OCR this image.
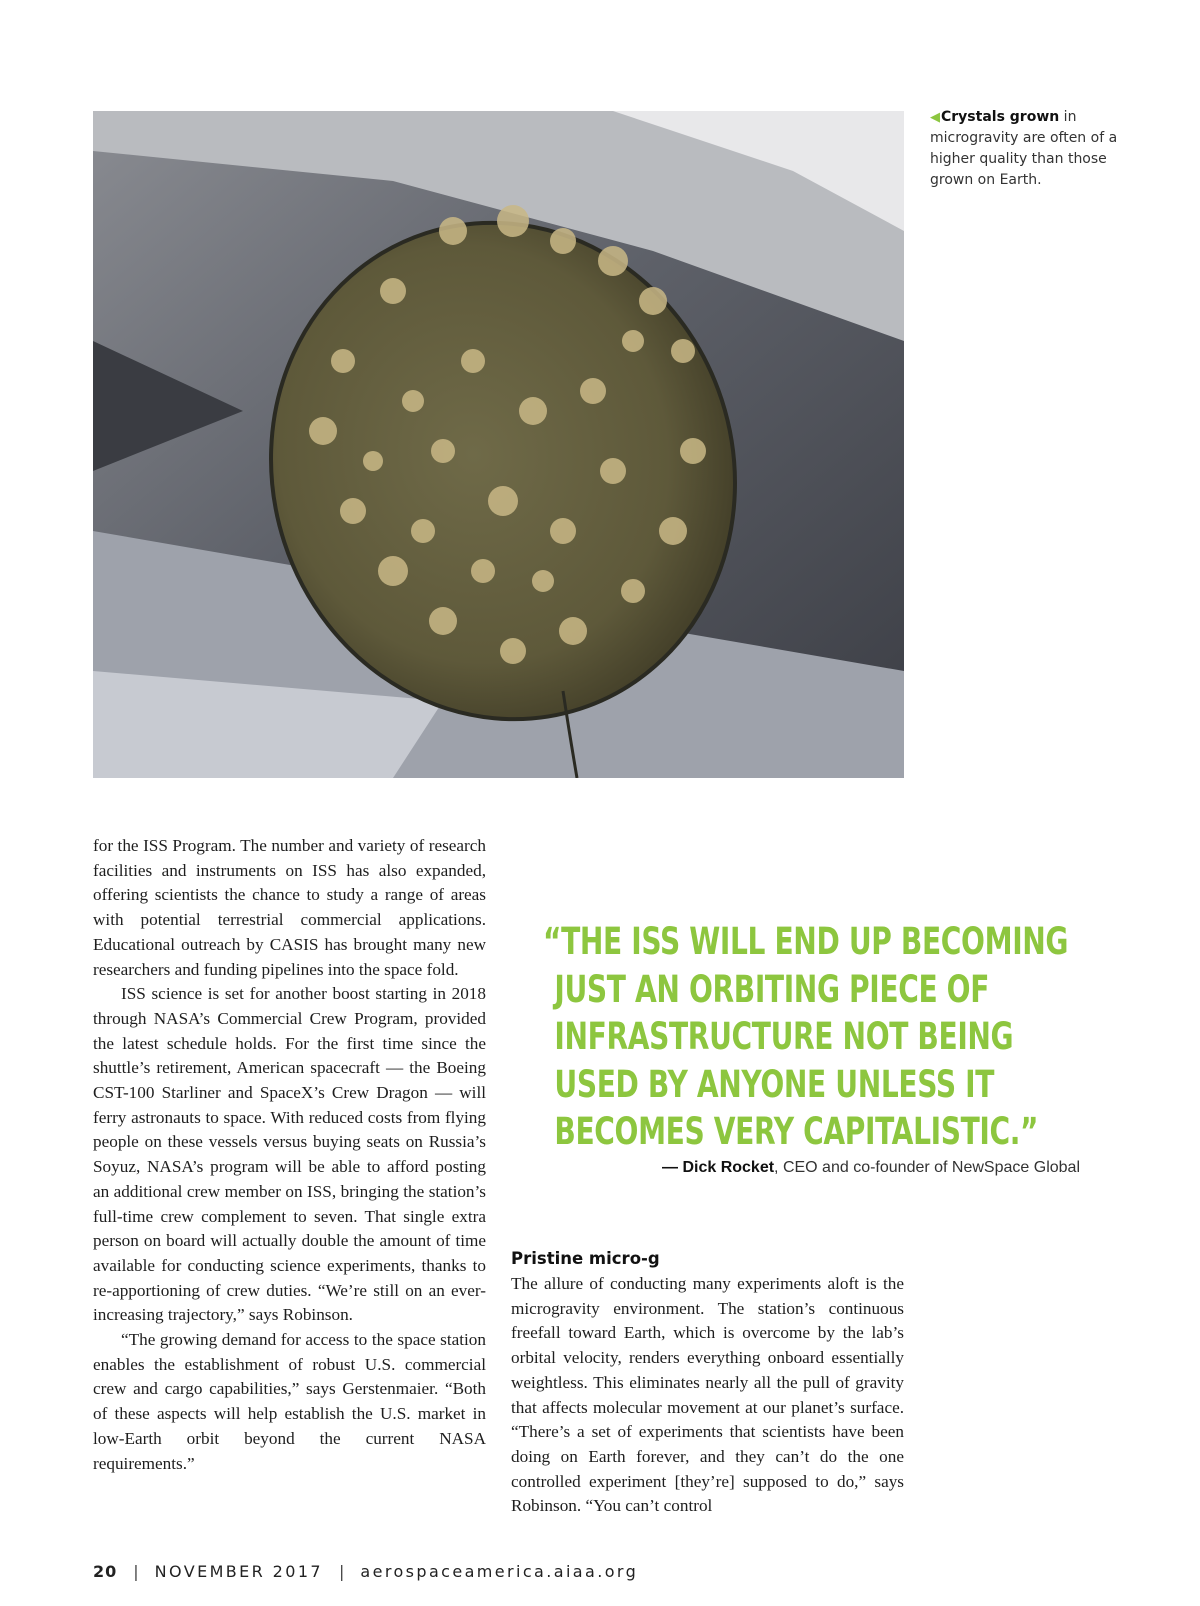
◀Crystals grown in microgravity are often of a higher quality than those grown on Earth.

for the ISS Program. The number and variety of research facilities and instruments on ISS has also expanded, offering scientists the chance to study a range of areas with potential terrestrial commercial applications. Educational outreach by CASIS has brought many new researchers and funding pipelines into the space fold.

ISS science is set for another boost starting in 2018 through NASA’s Commercial Crew Program, provided the latest schedule holds. For the first time since the shuttle’s retirement, American spacecraft — the Boeing CST-100 Starliner and SpaceX’s Crew Dragon — will ferry astronauts to space. With reduced costs from flying people on these vessels versus buying seats on Russia’s Soyuz, NASA’s program will be able to afford posting an additional crew member on ISS, bringing the station’s full-time crew complement to seven. That single extra person on board will actually double the amount of time available for conducting science experiments, thanks to re-apportioning of crew duties. “We’re still on an ever-increasing trajectory,” says Robinson.

“The growing demand for access to the space station enables the establishment of robust U.S. commercial crew and cargo capabilities,” says Gerstenmaier. “Both of these aspects will help establish the U.S. market in low-Earth orbit beyond the current NASA requirements.”

“THE ISS WILL END UP BECOMING JUST AN ORBITING PIECE OF INFRASTRUCTURE NOT BEING USED BY ANYONE UNLESS IT BECOMES VERY CAPITALISTIC.”
— Dick Rocket, CEO and co-founder of NewSpace Global
Pristine micro-g

The allure of conducting many experiments aloft is the microgravity environment. The station’s continuous freefall toward Earth, which is overcome by the lab’s orbital velocity, renders everything onboard essentially weightless. This eliminates nearly all the pull of gravity that affects molecular movement at our planet’s surface. “There’s a set of experiments that scientists have been doing on Earth forever, and they can’t do the one controlled experiment [they’re] supposed to do,” says Robinson. “You can’t control

20 | NOVEMBER 2017 | aerospaceamerica.aiaa.org
